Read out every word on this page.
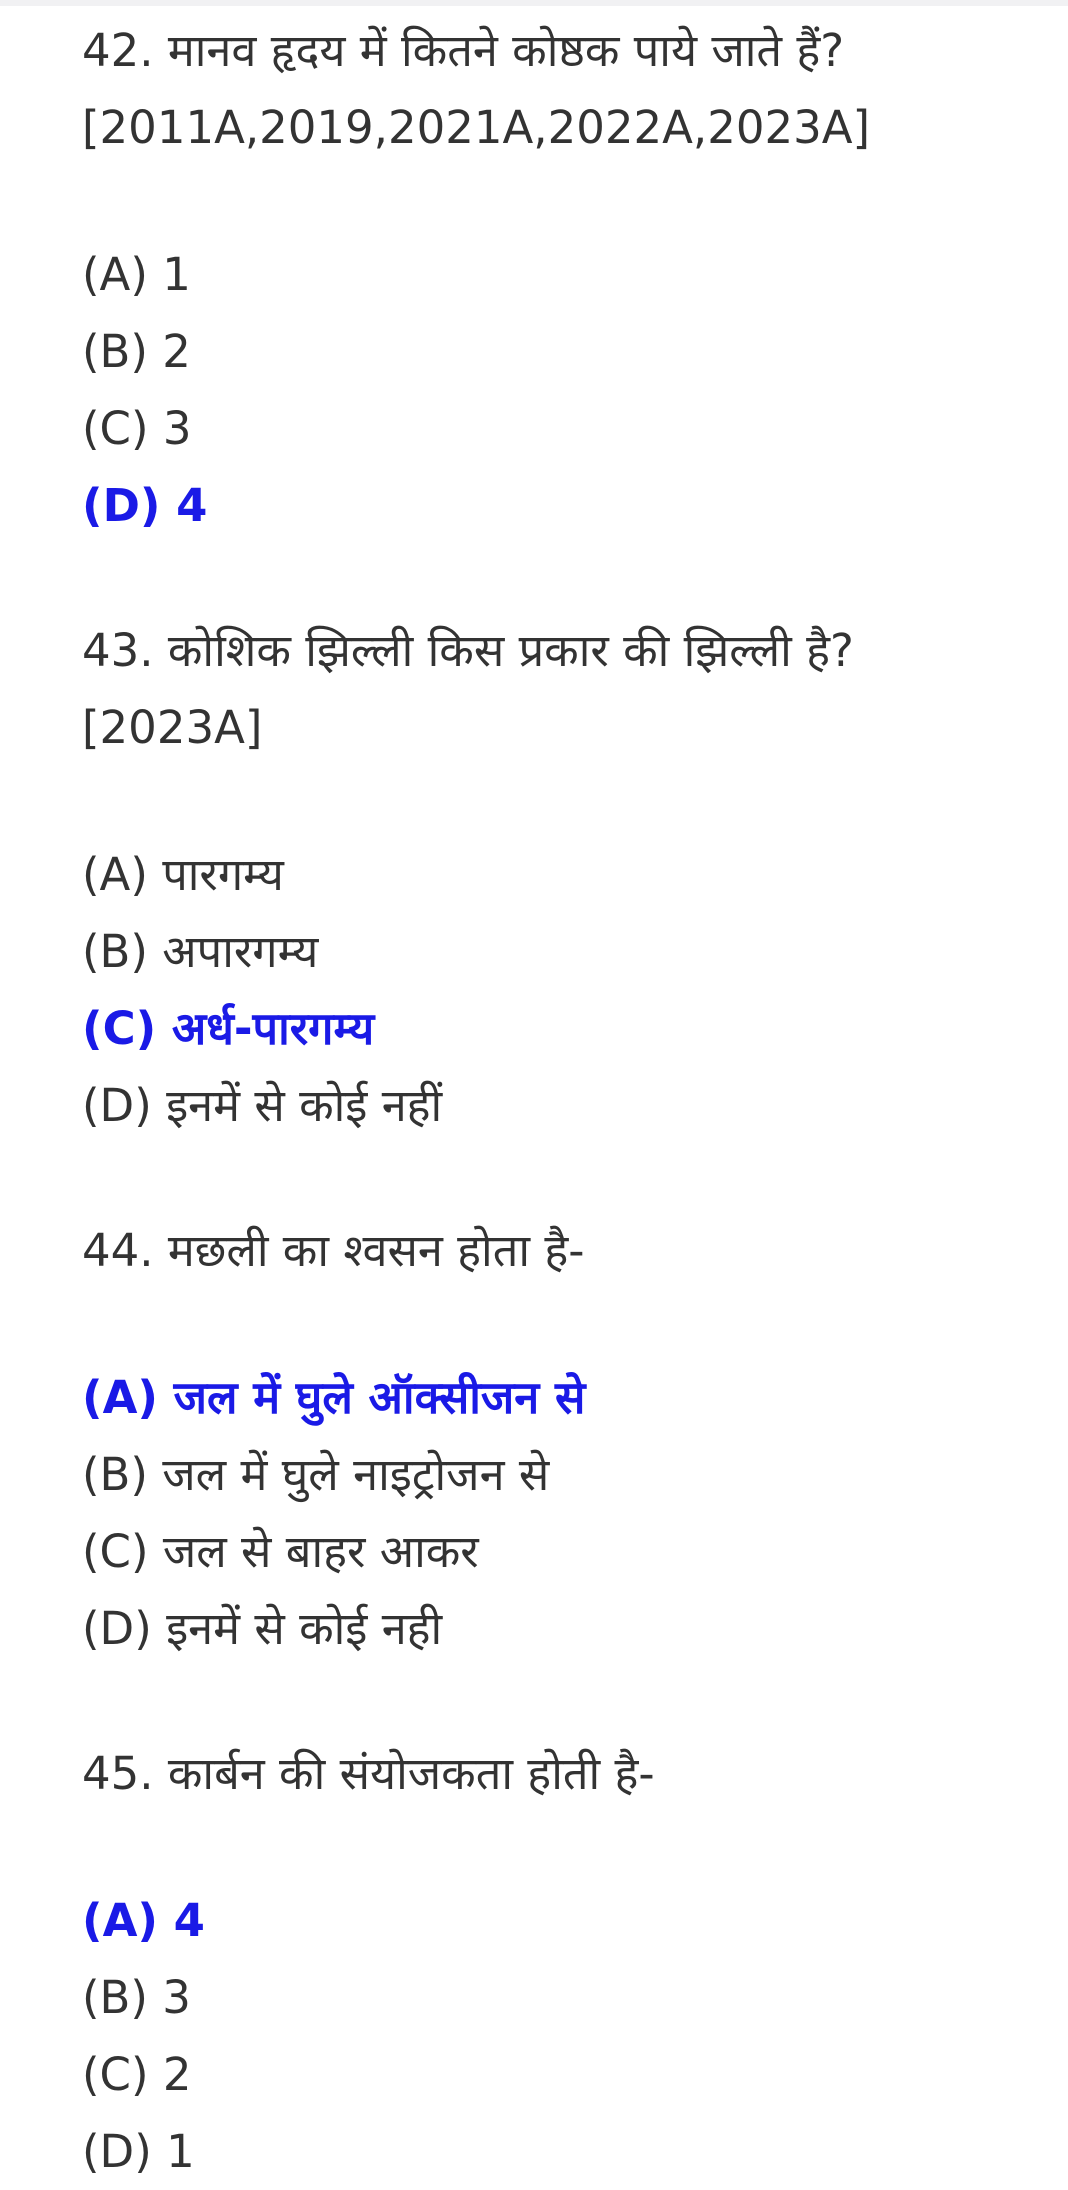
42. मानव हृदय में कितने कोष्ठक पाये जाते हैं?

[2011A,2019,2021A,2022A,2023A]

(A) 1

(B) 2

(C) 3

(D) 4

43. कोशिक झिल्ली किस प्रकार की झिल्ली है?

[2023A]

(A) पारगम्य

(B) अपारगम्य

(C) अर्ध-पारगम्य

(D) इनमें से कोई नहीं

44. मछली का श्वसन होता है-

(A) जल में घुले ऑक्सीजन से

(B) जल में घुले नाइट्रोजन से

(C) जल से बाहर आकर

(D) इनमें से कोई नही

45. कार्बन की संयोजकता होती है-

(A) 4

(B) 3

(C) 2

(D) 1
